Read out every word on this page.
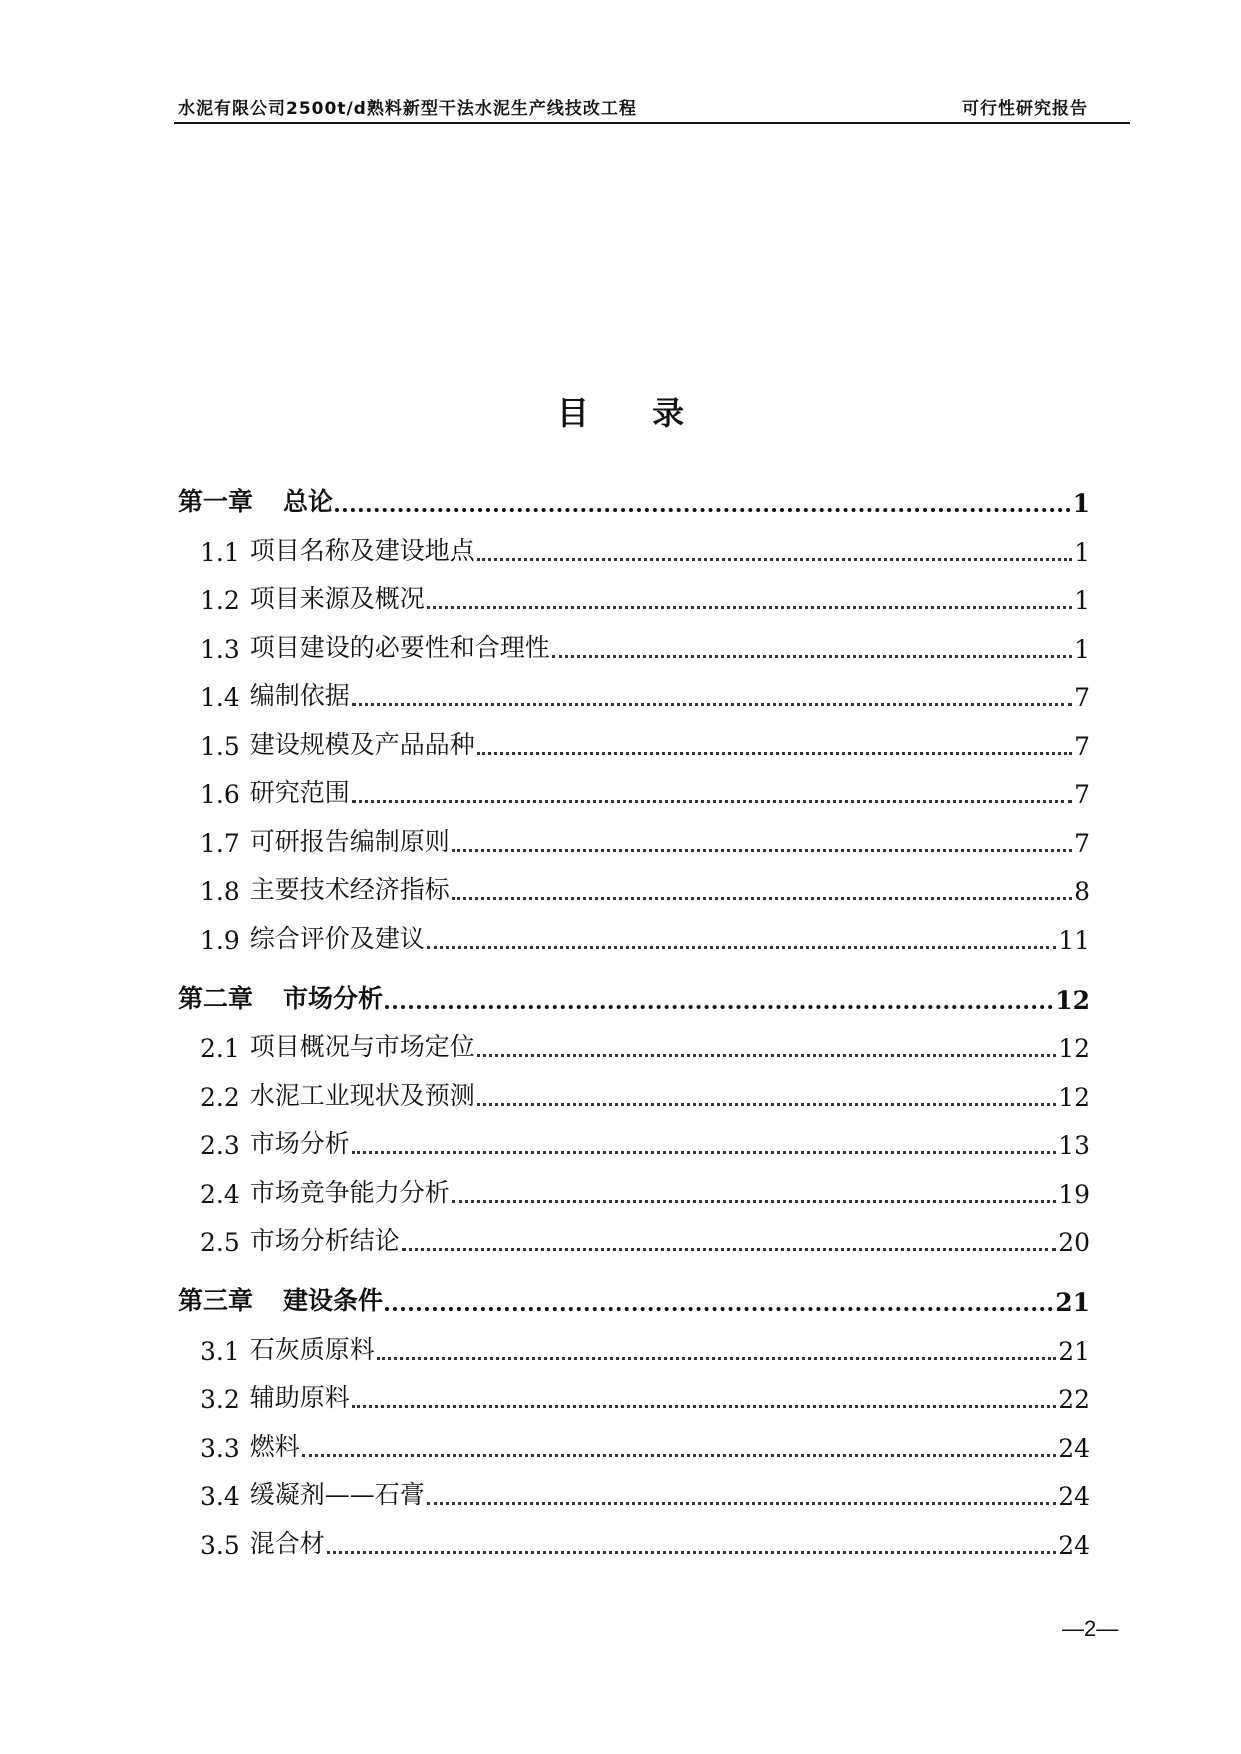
水泥有限公司2500t/d熟料新型干法水泥生产线技改工程	可行性研究报告
目 录
第一章 总论	1
1.1 项目名称及建设地点	1
1.2 项目来源及概况	1
1.3 项目建设的必要性和合理性	1
1.4 编制依据	7
1.5 建设规模及产品品种	7
1.6 研究范围	7
1.7 可研报告编制原则	7
1.8 主要技术经济指标	8
1.9 综合评价及建议	11
第二章 市场分析	12
2.1 项目概况与市场定位	12
2.2 水泥工业现状及预测	12
2.3 市场分析	13
2.4 市场竞争能力分析	19
2.5 市场分析结论	20
第三章 建设条件	21
3.1 石灰质原料	21
3.2 辅助原料	22
3.3 燃料	24
3.4 缓凝剂——石膏	24
3.5 混合材	24
—2—
